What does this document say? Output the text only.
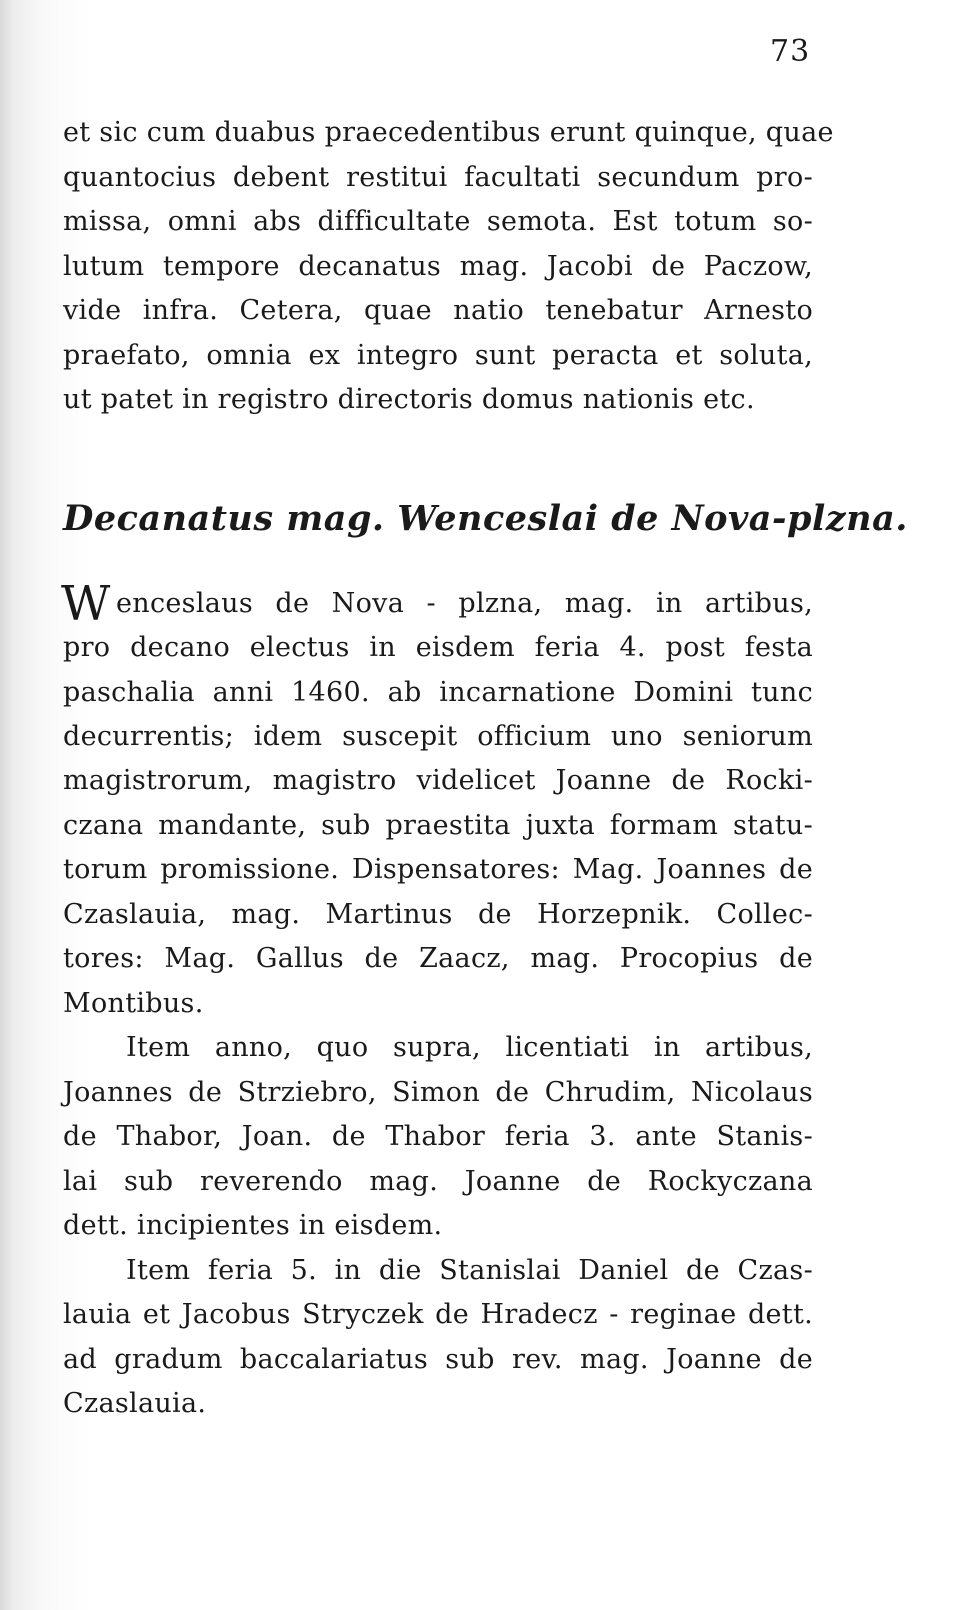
73
et sic cum duabus praecedentibus erunt quinque, quae
quantocius debent restitui facultati secundum pro-
missa, omni abs difficultate semota. Est totum so-
lutum tempore decanatus mag. Jacobi de Paczow,
vide infra. Cetera, quae natio tenebatur Arnesto
praefato, omnia ex integro sunt peracta et soluta,
ut patet in registro directoris domus nationis etc.
Decanatus mag. Wenceslai de Nova-plzna.
W enceslaus de Nova - plzna, mag. in artibus,
pro decano electus in eisdem feria 4. post festa
paschalia anni 1460. ab incarnatione Domini tunc
decurrentis; idem suscepit officium uno seniorum
magistrorum, magistro videlicet Joanne de Rocki-
czana mandante, sub praestita juxta formam statu-
torum promissione. Dispensatores: Mag. Joannes de
Czaslauia, mag. Martinus de Horzepnik. Collec-
tores: Mag. Gallus de Zaacz, mag. Procopius de
Montibus.
Item anno, quo supra, licentiati in artibus,
Joannes de Strziebro, Simon de Chrudim, Nicolaus
de Thabor, Joan. de Thabor feria 3. ante Stanis-
lai sub reverendo mag. Joanne de Rockyczana
dett. incipientes in eisdem.
Item feria 5. in die Stanislai Daniel de Czas-
lauia et Jacobus Stryczek de Hradecz - reginae dett.
ad gradum baccalariatus sub rev. mag. Joanne de
Czaslauia.
